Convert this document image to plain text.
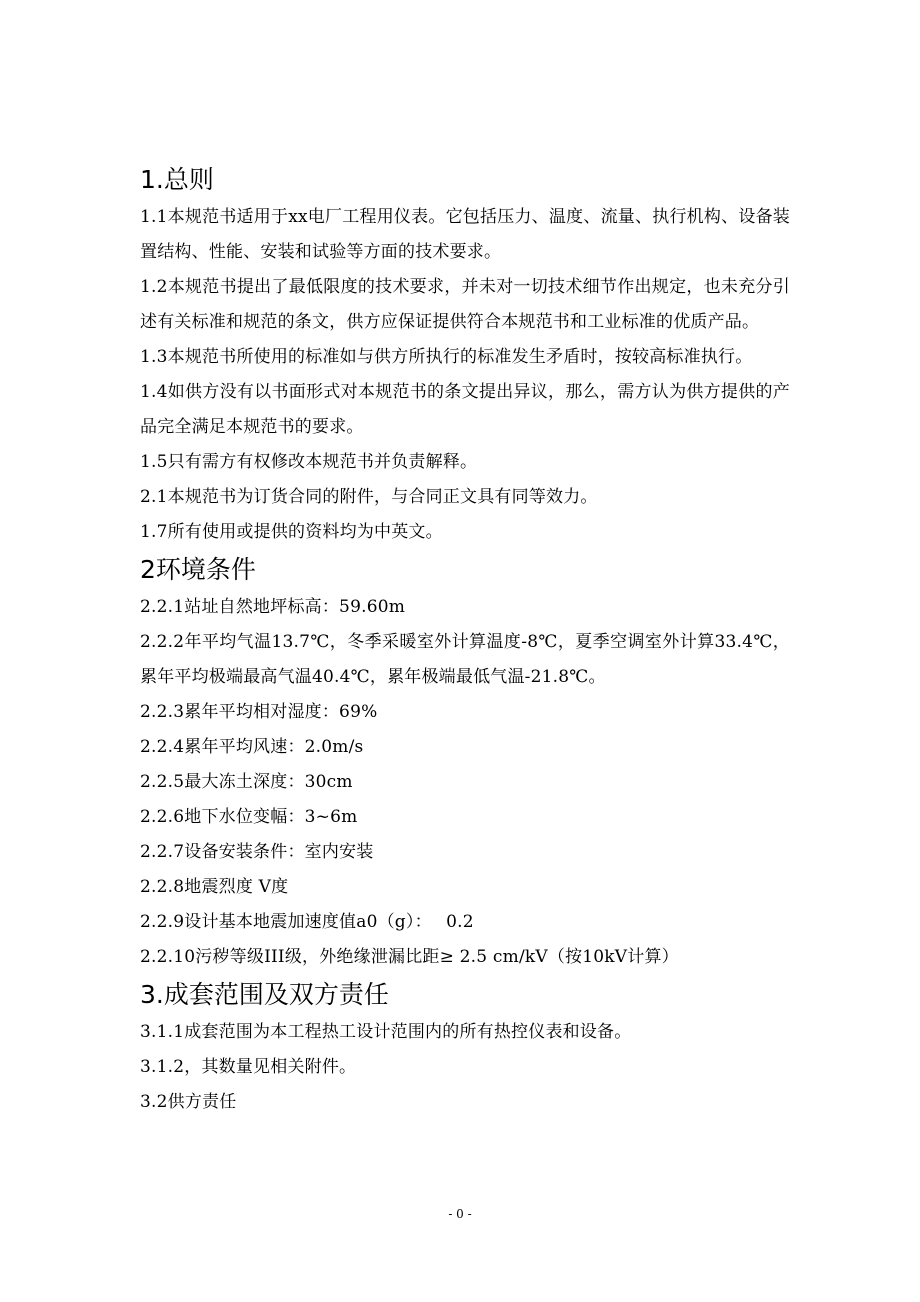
1.总则
1.1本规范书适用于xx电厂工程用仪表。它包括压力、温度、流量、执行机构、设备装置结构、性能、安装和试验等方面的技术要求。
1.2本规范书提出了最低限度的技术要求，并未对一切技术细节作出规定，也未充分引述有关标准和规范的条文，供方应保证提供符合本规范书和工业标准的优质产品。
1.3本规范书所使用的标准如与供方所执行的标准发生矛盾时，按较高标准执行。
1.4如供方没有以书面形式对本规范书的条文提出异议，那么，需方认为供方提供的产品完全满足本规范书的要求。
1.5只有需方有权修改本规范书并负责解释。
2.1本规范书为订货合同的附件，与合同正文具有同等效力。
1.7所有使用或提供的资料均为中英文。
2环境条件
2.2.1站址自然地坪标高：59.60m
2.2.2年平均气温13.7℃，冬季采暖室外计算温度-8℃，夏季空调室外计算33.4℃，累年平均极端最高气温40.4℃，累年极端最低气温-21.8℃。
2.2.3累年平均相对湿度：69%
2.2.4累年平均风速：2.0m/s
2.2.5最大冻土深度：30cm
2.2.6地下水位变幅：3~6m
2.2.7设备安装条件：室内安装
2.2.8地震烈度 V度
2.2.9设计基本地震加速度值a0（g）：　 0.2
2.2.10污秽等级III级，外绝缘泄漏比距≥ 2.5 cm/kV（按10kV计算）
3.成套范围及双方责任
3.1.1成套范围为本工程热工设计范围内的所有热控仪表和设备。
3.1.2，其数量见相关附件。
3.2供方责任
- 0 -
